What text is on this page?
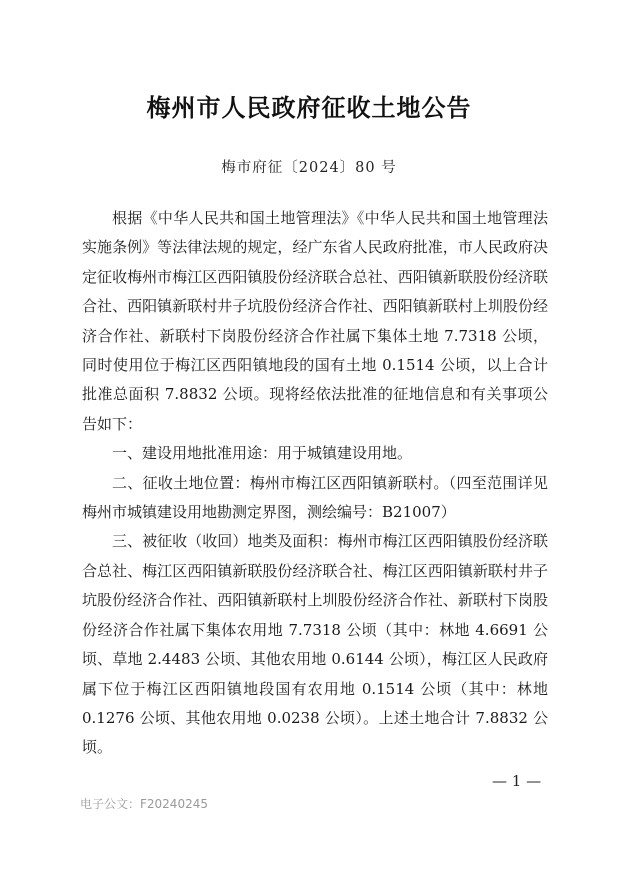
梅州市人民政府征收土地公告
梅市府征〔2024〕80 号

根据《中华人民共和国土地管理法》《中华人民共和国土地管理法实施条例》等法律法规的规定，经广东省人民政府批准，市人民政府决定征收梅州市梅江区西阳镇股份经济联合总社、西阳镇新联股份经济联合社、西阳镇新联村井子坑股份经济合作社、西阳镇新联村上圳股份经济合作社、新联村下岗股份经济合作社属下集体土地 7.7318 公顷，同时使用位于梅江区西阳镇地段的国有土地 0.1514 公顷，以上合计批准总面积 7.8832 公顷。现将经依法批准的征地信息和有关事项公告如下：

一、建设用地批准用途：用于城镇建设用地。

二、征收土地位置：梅州市梅江区西阳镇新联村。（四至范围详见梅州市城镇建设用地勘测定界图，测绘编号：B21007）

三、被征收（收回）地类及面积：梅州市梅江区西阳镇股份经济联合总社、梅江区西阳镇新联股份经济联合社、梅江区西阳镇新联村井子坑股份经济合作社、西阳镇新联村上圳股份经济合作社、新联村下岗股份经济合作社属下集体农用地 7.7318 公顷（其中：林地 4.6691 公顷、草地 2.4483 公顷、其他农用地 0.6144 公顷），梅江区人民政府属下位于梅江区西阳镇地段国有农用地 0.1514 公顷（其中：林地 0.1276 公顷、其他农用地 0.0238 公顷）。上述土地合计 7.8832 公顷。

— 1 —
电子公文：F20240245
